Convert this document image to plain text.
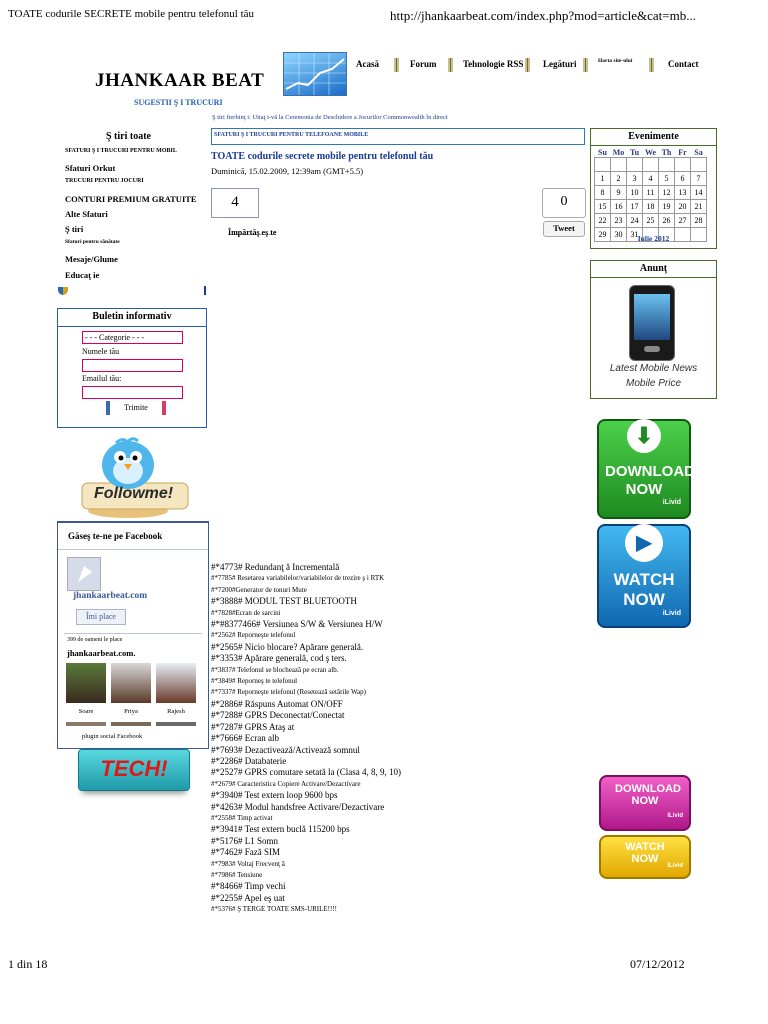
TOATE codurile SECRETE mobile pentru telefonul tău	http://jhankaarbeat.com/index.php?mod=article&cat=mb...
JHANKAAR BEAT
SUGESTII Ş I TRUCURI
Acasă	Forum	Tehnologie RSS Legături	Harta site-ului	Contact
Ş tiri fierbinţ i: Uitaţ i-vă la Ceremonia de Deschidere a Jocurilor Commonwealth în direct
Ş tiri toate
SFATURI Ş I TRUCURI PENTRU MOBIL
Sfaturi Orkut
TRUCURI PENTRU JOCURI
CONTURI PREMIUM GRATUITE
Alte Sfaturi
Ş tiri
Sfaturi pentru sănătate
Mesaje/Glume
Educaţ ie
Buletin informativ
- - - Categorie - - -
Numele tău
Emailul tău:
Trimite
Followme!
Găseş te-ne pe Facebook
jhankaarbeat.com
Îmi place
399 de oameni le place
jhankaarbeat.com.
Soare	Priya	Rajesh
plugin social Facebook
TECH!
SFATURI Ş I TRUCURI PENTRU TELEFOANE MOBILE
TOATE codurile secrete mobile pentru telefonul tău
Duminică, 15.02.2009, 12:39am (GMT+5.5)
4
Împărtăş eş te
0
Tweet
#*4773# Redundanţ ă Incrementală
#*7785# Resetarea variabilelor/variabilelor de trezire ş i RTK
#*7200#Generator de tonuri Mute
#*3888# MODUL TEST BLUETOOTH
#*7828#Ecran de sarcini
#*#8377466# Versiunea S/W & Versiunea H/W
#*2562# Reporneşte telefonul
#*2565# Nicio blocare? Apărare generală.
#*3353# Apărare generală, cod ş ters.
#*3837# Telefonul se blochează pe ecran alb.
#*3849# Reporneş te telefonul
#*7337# Reporneşte telefonul (Resetează setările Wap)
#*2886# Răspuns Automat ON/OFF
#*7288# GPRS Deconectat/Conectat
#*7287# GPRS Ataş at
#*7666# Ecran alb
#*7693# Dezactivează/Activează somnul
#*2286# Databaterie
#*2527# GPRS comutare setată la (Clasa 4, 8, 9, 10)
#*2679# Caracteristica Copiere Activare/Dezactivare
#*3940# Test extern loop 9600 bps
#*4263# Modul handsfree Activare/Dezactivare
#*2558# Timp activat
#*3941# Test extern buclă 115200 bps
#*5176# L1 Somn
#*7462# Fază SIM
#*7983# Voltaj Frecvenţ ă
#*7986# Tensiune
#*8466# Timp vechi
#*2255# Apel eş uat
#*5376# Ş TERGE TOATE SMS-URILE!!!!
Evenimente
Su	Mo	Tu	We	Th	Fr	Sa

1	2	3	4	5	6	7
8	9	10	11	12	13	14
15	16	17	18	19	20	21
22	23	24	25	26	27	28
29	30	31				Iulie 2012
Anunţ
Latest Mobile News
Mobile Price
⬇
DOWNLOAD NOW
iLivid
▶
WATCH NOW
iLivid
DOWNLOAD NOW
iLivid
WATCH NOW
iLivid
1 din 18	07/12/2012
